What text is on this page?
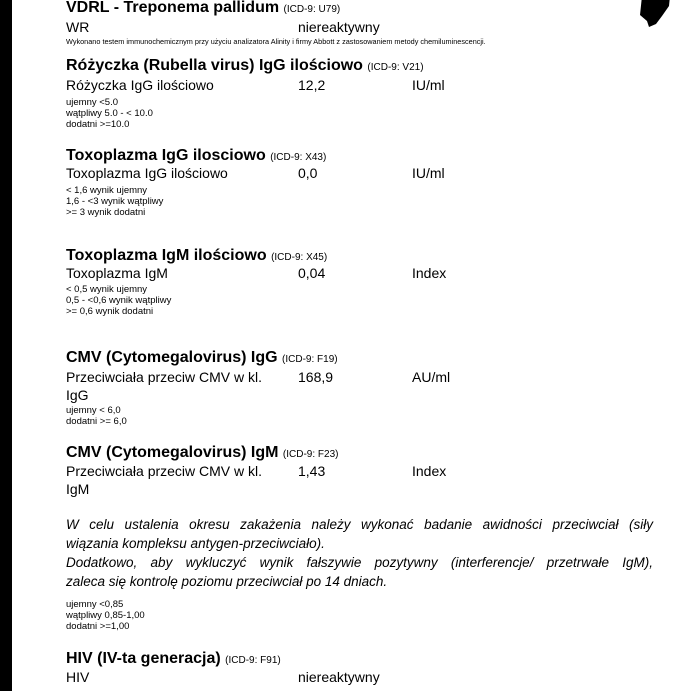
VDRL - Treponema pallidum (ICD-9: U79)
WR	niereaktywny
Wykonano testem immunochemicznym przy użyciu analizatora Alinity i firmy Abbott z zastosowaniem metody chemiluminescencji.
Różyczka (Rubella virus) IgG ilościowo (ICD-9: V21)
Różyczka IgG ilościowo	12,2	IU/ml
ujemny <5.0
wątpliwy 5.0 - < 10.0
dodatni >=10.0
Toxoplazma IgG ilosciowo (ICD-9: X43)
Toxoplazma IgG ilościowo	0,0	IU/ml
< 1,6 wynik ujemny
1,6 - <3 wynik wątpliwy
>= 3 wynik dodatni
Toxoplazma IgM ilościowo (ICD-9: X45)
Toxoplazma IgM	0,04	Index
< 0,5 wynik ujemny
0,5 - <0,6 wynik wątpliwy
>= 0,6 wynik dodatni
CMV (Cytomegalovirus) IgG (ICD-9: F19)
Przeciwciała przeciw CMV w kl.
IgG
168,9	AU/ml
ujemny < 6,0
dodatni >= 6,0
CMV (Cytomegalovirus) IgM (ICD-9: F23)
Przeciwciała przeciw CMV w kl.
IgM
1,43	Index
W celu ustalenia okresu zakażenia należy wykonać badanie awidności przeciwciał (siły
wiązania kompleksu antygen-przeciwciało).
Dodatkowo, aby wykluczyć wynik fałszywie pozytywny (interferencje/ przetrwałe IgM),
zaleca się kontrolę poziomu przeciwciał po 14 dniach.
ujemny <0,85
wątpliwy 0,85-1,00
dodatni >=1,00
HIV (IV-ta generacja) (ICD-9: F91)
HIV	niereaktywny
